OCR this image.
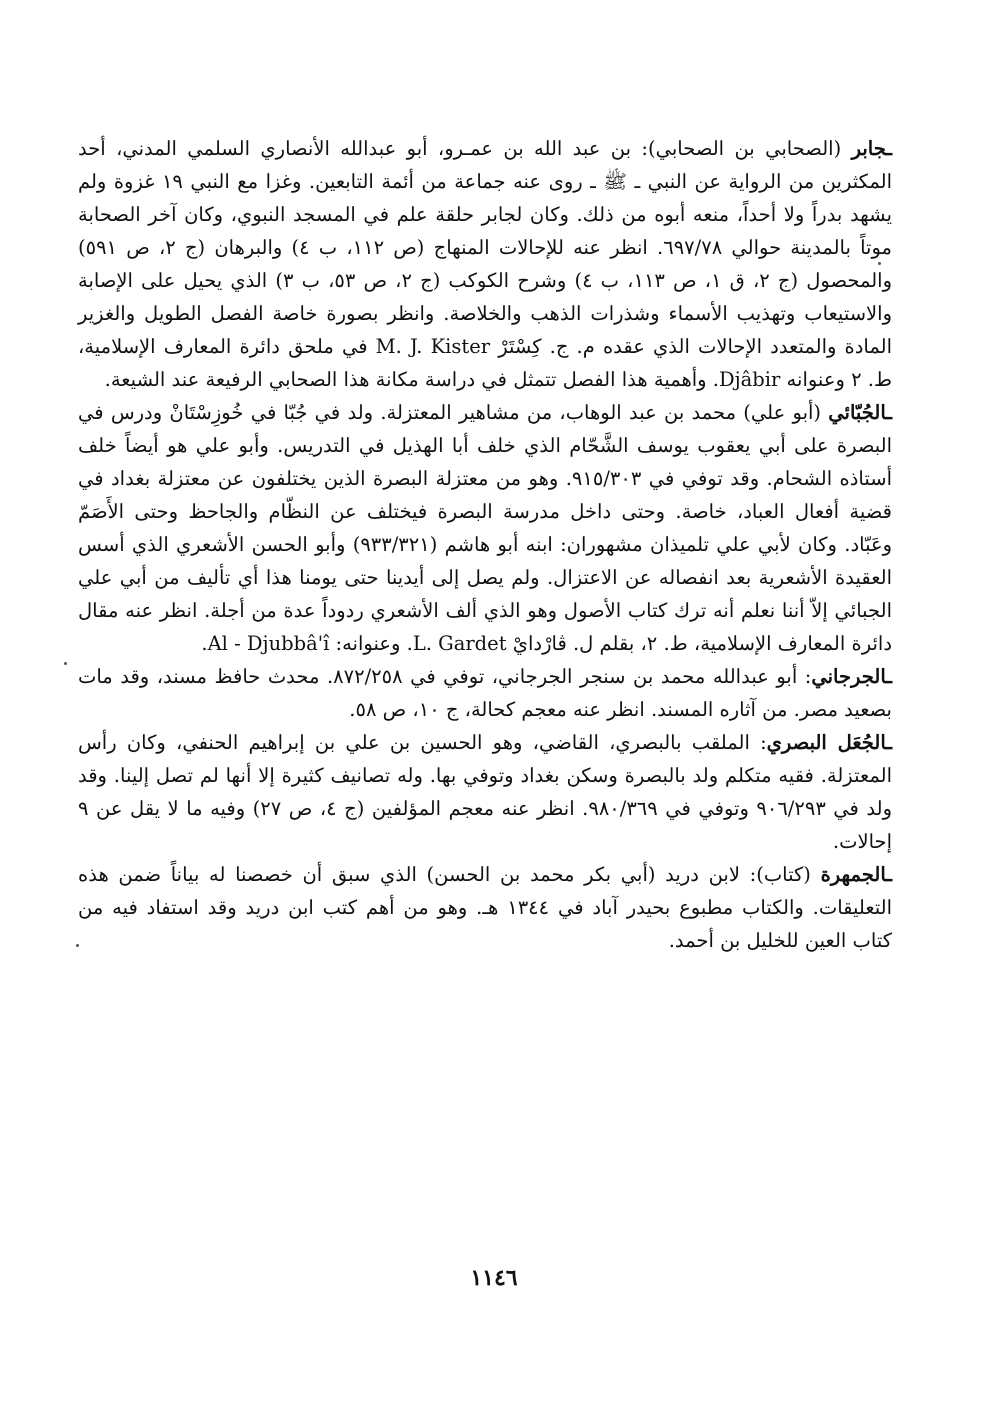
ـجابر (الصحابي بن الصحابي): بن عبد الله بن عمـرو، أبو عبدالله الأنصاري السلمي المدني، أحد المكثرين من الرواية عن النبي ـ ﷺ ـ روى عنه جماعة من أئمة التابعين. وغزا مع النبي ١٩ غزوة ولم يشهد بدراً ولا أحداً، منعه أبوه من ذلك. وكان لجابر حلقة علم في المسجد النبوي، وكان آخر الصحابة موتاً بالمدينة حوالي ٦٩٧/٧٨. انظر عنه للإحالات المنهاج (ص ١١٢، ب ٤) والبرهان (ج ٢، ص ٥٩١) والمحصول (ج ٢، ق ١، ص ١١٣، ب ٤) وشرح الكوكب (ج ٢، ص ٥٣، ب ٣) الذي يحيل على الإصابة والاستيعاب وتهذيب الأسماء وشذرات الذهب والخلاصة. وانظر بصورة خاصة الفصل الطويل والغزير المادة والمتعدد الإحالات الذي عقده م. ج. كِسْتَرْ M. J. Kister في ملحق دائرة المعارف الإسلامية، ط. ٢ وعنوانه Djâbir. وأهمية هذا الفصل تتمثل في دراسة مكانة هذا الصحابي الرفيعة عند الشيعة.

ـالجُبّائي (أبو علي) محمد بن عبد الوهاب، من مشاهير المعتزلة. ولد في جُبّا في خُوزِسْتَانْ ودرس في البصرة على أبي يعقوب يوسف الشَّحّام الذي خلف أبا الهذيل في التدريس. وأبو علي هو أيضاً خلف أستاذه الشحام. وقد توفي في ٩١٥/٣٠٣. وهو من معتزلة البصرة الذين يختلفون عن معتزلة بغداد في قضية أفعال العباد، خاصة. وحتى داخل مدرسة البصرة فيختلف عن النظّام والجاحظ وحتى الأَصَمّ وعَبّاد. وكان لأبي علي تلميذان مشهوران: ابنه أبو هاشم (٩٣٣/٣٢١) وأبو الحسن الأشعري الذي أسس العقيدة الأشعرية بعد انفصاله عن الاعتزال. ولم يصل إلى أيدينا حتى يومنا هذا أي تأليف من أبي علي الجبائي إلاّ أننا نعلم أنه ترك كتاب الأصول وهو الذي ألف الأشعري ردوداً عدة من أجلة. انظر عنه مقال دائرة المعارف الإسلامية، ط. ٢، بقلم ل. ڤارْدايْ L. Gardet. وعنوانه: Al - Djubbâ'î.

ـالجرجاني: أبو عبدالله محمد بن سنجر الجرجاني، توفي في ٨٧٢/٢٥٨. محدث حافظ مسند، وقد مات بصعيد مصر. من آثاره المسند. انظر عنه معجم كحالة، ج ١٠، ص ٥٨.

ـالجُعَل البصري: الملقب بالبصري، القاضي، وهو الحسين بن علي بن إبراهيم الحنفي، وكان رأس المعتزلة. فقيه متكلم ولد بالبصرة وسكن بغداد وتوفي بها. وله تصانيف كثيرة إلا أنها لم تصل إلينا. وقد ولد في ٩٠٦/٢٩٣ وتوفي في ٩٨٠/٣٦٩. انظر عنه معجم المؤلفين (ج ٤، ص ٢٧) وفيه ما لا يقل عن ٩ إحالات.

ـالجمهرة (كتاب): لابن دريد (أبي بكر محمد بن الحسن) الذي سبق أن خصصنا له بياناً ضمن هذه التعليقات. والكتاب مطبوع بحيدر آباد في ١٣٤٤ هـ. وهو من أهم كتب ابن دريد وقد استفاد فيه من كتاب العين للخليل بن أحمد.

١١٤٦
